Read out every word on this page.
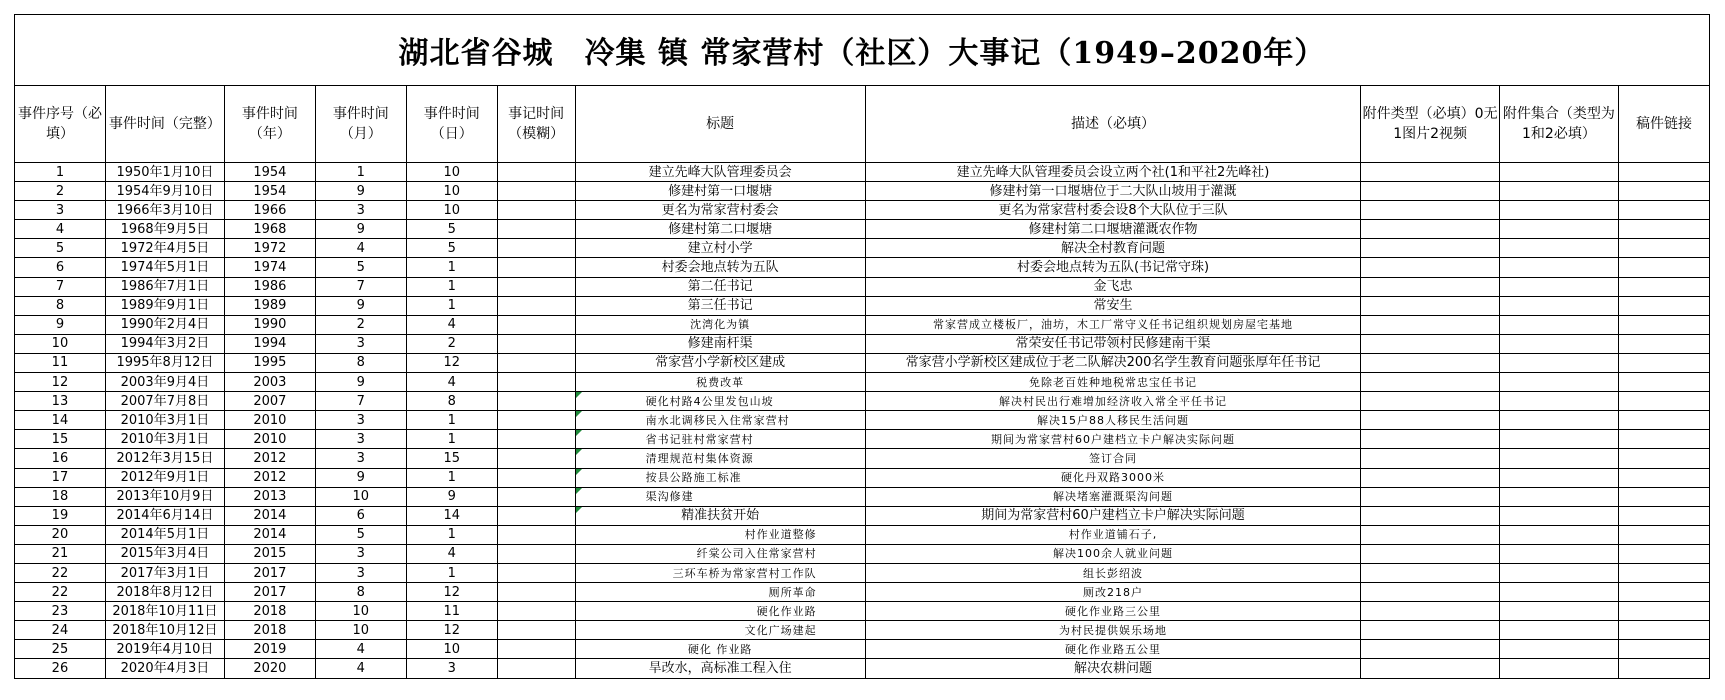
湖北省谷城　冷集 镇 常家营村（社区）大事记（1949–2020年）
事件序号（必填）	事件时间（完整）	事件时间（年）	事件时间（月）	事件时间（日）	事记时间（模糊）	标题	描述（必填）	附件类型（必填）0无1图片2视频	附件集合（类型为1和2必填）	稿件链接
1	1950年1月10日	1954	1	10		建立先峰大队管理委员会	建立先峰大队管理委员会设立两个社(1和平社2先峰社)			
2	1954年9月10日	1954	9	10		修建村第一口堰塘	修建村第一口堰塘位于二大队山坡用于灌溉			
3	1966年3月10日	1966	3	10		更名为常家营村委会	更名为常家营村委会设8个大队位于三队			
4	1968年9月5日	1968	9	5		修建村第二口堰塘	修建村第二口堰塘灌溉农作物			
5	1972年4月5日	1972	4	5		建立村小学	解决全村教育问题			
6	1974年5月1日	1974	5	1		村委会地点转为五队	村委会地点转为五队(书记常守珠)			
7	1986年7月1日	1986	7	1		第二任书记	金飞忠			
8	1989年9月1日	1989	9	1		第三任书记	常安生			
9	1990年2月4日	1990	2	4		沈湾化为镇	常家营成立楼板厂，油坊，木工厂常守义任书记组织规划房屋宅基地			
10	1994年3月2日	1994	3	2		修建南杆渠	常荣安任书记带领村民修建南干渠			
11	1995年8月12日	1995	8	12		常家营小学新校区建成	常家营小学新校区建成位于老二队解决200名学生教育问题张厚年任书记			
12	2003年9月4日	2003	9	4		税费改革	免除老百姓种地税常忠宝任书记			
13	2007年7月8日	2007	7	8		硬化村路4公里发包山坡	解决村民出行难增加经济收入常全平任书记			
14	2010年3月1日	2010	3	1		南水北调移民入住常家营村	解决15户88人移民生活问题			
15	2010年3月1日	2010	3	1		省书记驻村常家营村	期间为常家营村60户建档立卡户解决实际问题			
16	2012年3月15日	2012	3	15		清理规范村集体资源	签订合同			
17	2012年9月1日	2012	9	1		按县公路施工标准	硬化丹双路3000米			
18	2013年10月9日	2013	10	9		渠沟修建	解决堵塞灌溉渠沟问题			
19	2014年6月14日	2014	6	14		精准扶贫开始	期间为常家营村60户建档立卡户解决实际问题			
20	2014年5月1日	2014	5	1		村作业道整修	村作业道铺石子,			
21	2015年3月4日	2015	3	4		纤棠公司入住常家营村	解决100余人就业问题			
22	2017年3月1日	2017	3	1		三环车桥为常家营村工作队	组长彭绍波			
22	2018年8月12日	2017	8	12		厕所革命	厕改218户			
23	2018年10月11日	2018	10	11		硬化作业路	硬化作业路三公里			
24	2018年10月12日	2018	10	12		文化广场建起	为村民提供娱乐场地			
25	2019年4月10日	2019	4	10		硬化 作业路	硬化作业路五公里			
26	2020年4月3日	2020	4	3		旱改水，高标准工程入住	解决农耕问题			
